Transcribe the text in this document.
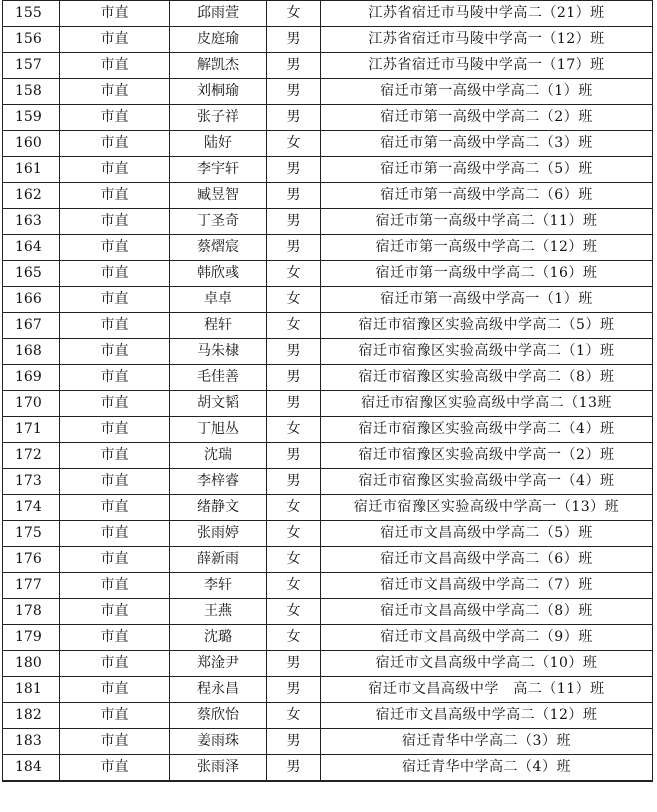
155	市直	邱雨萱	女	江苏省宿迁市马陵中学高二（21）班
156	市直	皮庭瑜	男	江苏省宿迁市马陵中学高一（12）班
157	市直	解凯杰	男	江苏省宿迁市马陵中学高一（17）班
158	市直	刘桐瑜	男	宿迁市第一高级中学高二（1）班
159	市直	张子祥	男	宿迁市第一高级中学高二（2）班
160	市直	陆好	女	宿迁市第一高级中学高二（3）班
161	市直	李宇轩	男	宿迁市第一高级中学高二（5）班
162	市直	臧昱智	男	宿迁市第一高级中学高二（6）班
163	市直	丁圣奇	男	宿迁市第一高级中学高二（11）班
164	市直	蔡熠宸	男	宿迁市第一高级中学高二（12）班
165	市直	韩欣彧	女	宿迁市第一高级中学高二（16）班
166	市直	卓卓	女	宿迁市第一高级中学高一（1）班
167	市直	程轩	女	宿迁市宿豫区实验高级中学高二（5）班
168	市直	马朱棣	男	宿迁市宿豫区实验高级中学高二（1）班
169	市直	毛佳善	男	宿迁市宿豫区实验高级中学高二（8）班
170	市直	胡文韬	男	宿迁市宿豫区实验高级中学高二（13班
171	市直	丁旭丛	女	宿迁市宿豫区实验高级中学高二（4）班
172	市直	沈瑞	男	宿迁市宿豫区实验高级中学高一（2）班
173	市直	李梓睿	男	宿迁市宿豫区实验高级中学高一（4）班
174	市直	绪静文	女	宿迁市宿豫区实验高级中学高一（13）班
175	市直	张雨婷	女	宿迁市文昌高级中学高二（5）班
176	市直	薛新雨	女	宿迁市文昌高级中学高二（6）班
177	市直	李轩	女	宿迁市文昌高级中学高二（7）班
178	市直	王燕	女	宿迁市文昌高级中学高二（8）班
179	市直	沈璐	女	宿迁市文昌高级中学高二（9）班
180	市直	郑淦尹	男	宿迁市文昌高级中学高二（10）班
181	市直	程永昌	男	宿迁市文昌高级中学　高二（11）班
182	市直	蔡欣怡	女	宿迁市文昌高级中学高二（12）班
183	市直	姜雨珠	男	宿迁青华中学高二（3）班
184	市直	张雨泽	男	宿迁青华中学高二（4）班
